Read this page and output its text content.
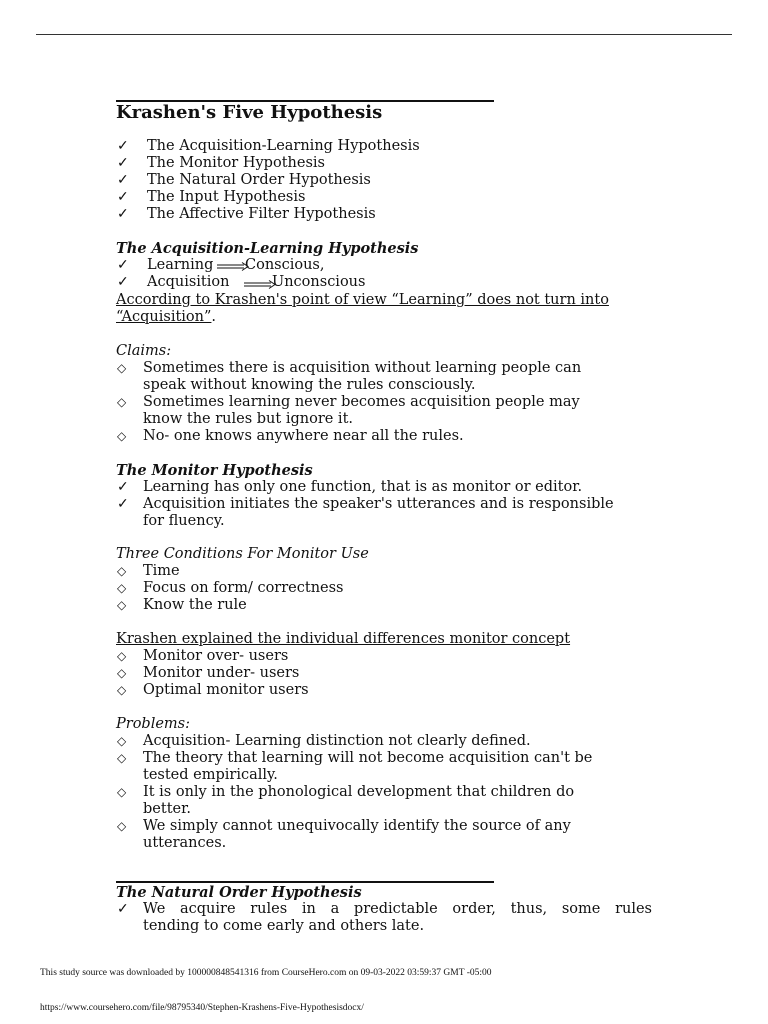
Krashen's Five Hypothesis
✓ The Acquisition-Learning Hypothesis
✓ The Monitor Hypothesis
✓ The Natural Order Hypothesis
✓ The Input Hypothesis
✓ The Affective Filter Hypothesis
The Acquisition-Learning Hypothesis
✓ Learning Conscious,
✓ Acquisition	Unconscious
According to Krashen's point of view “Learning” does not turn into
“Acquisition”.
Claims:
◇ Sometimes there is acquisition without learning people can
speak without knowing the rules consciously.
◇ Sometimes learning never becomes acquisition people may
know the rules but ignore it.
◇ No- one knows anywhere near all the rules.
The Monitor Hypothesis
✓ Learning has only one function, that is as monitor or editor.
✓ Acquisition initiates the speaker's utterances and is responsible
for fluency.
Three Conditions For Monitor Use
◇ Time
◇ Focus on form/ correctness
◇ Know the rule
Krashen explained the individual differences monitor concept
◇ Monitor over- users
◇ Monitor under- users
◇ Optimal monitor users
Problems:
◇ Acquisition- Learning distinction not clearly defined.
◇ The theory that learning will not become acquisition can't be
tested empirically.
◇ It is only in the phonological development that children do
better.
◇ We simply cannot unequivocally identify the source of any
utterances.
The Natural Order Hypothesis
✓ We acquire rules in a predictable order, thus, some rules
tending to come early and others late.
This study source was downloaded by 100000848541316 from CourseHero.com on 09-03-2022 03:59:37 GMT -05:00
https://www.coursehero.com/file/98795340/Stephen-Krashens-Five-Hypothesisdocx/
